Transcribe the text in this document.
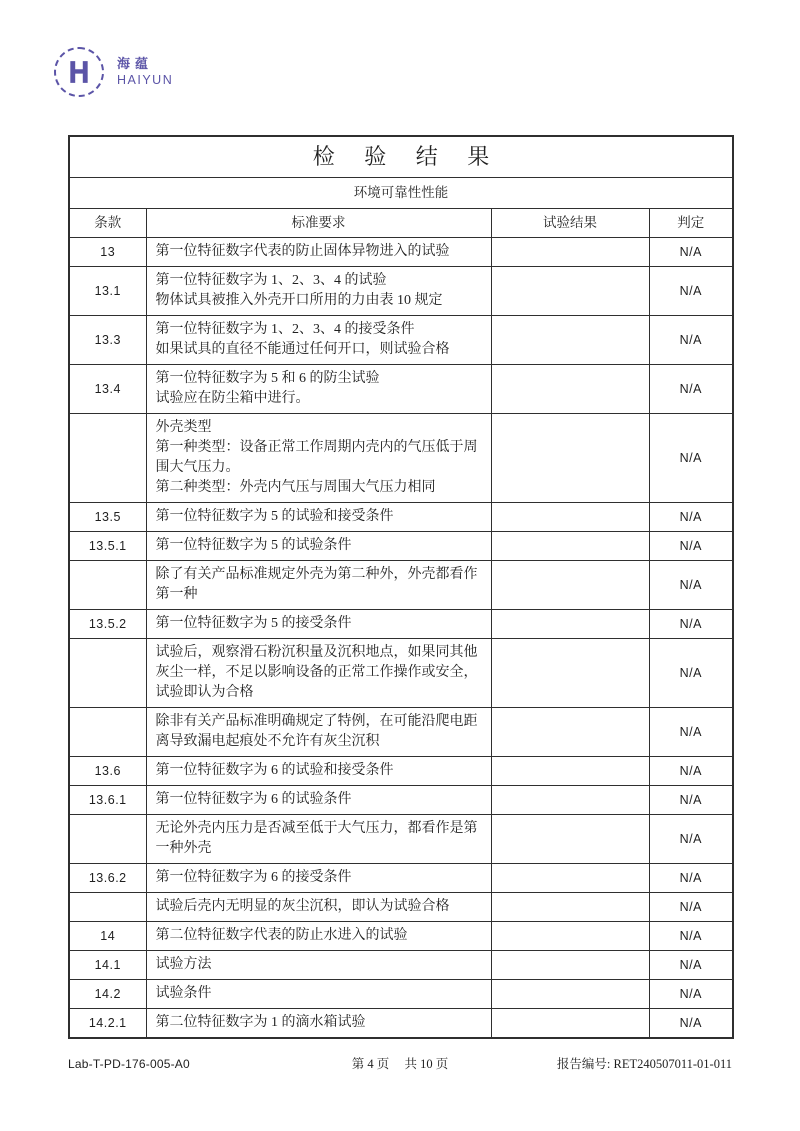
海蕴
HAIYUN
检 验 结 果			
环境可靠性性能			
条款	标准要求	试验结果	判定
13	第一位特征数字代表的防止固体异物进入的试验		N/A
13.1	第一位特征数字为 1、2、3、4 的试验
物体试具被推入外壳开口所用的力由表 10 规定		N/A
13.3	第一位特征数字为 1、2、3、4 的接受条件
如果试具的直径不能通过任何开口，则试验合格		N/A
13.4	第一位特征数字为 5 和 6 的防尘试验
试验应在防尘箱中进行。		N/A

	外壳类型
第一种类型：设备正常工作周期内壳内的气压低于周围大气压力。
第二种类型：外壳内气压与周围大气压力相同		N/A
13.5	第一位特征数字为 5 的试验和接受条件		N/A
13.5.1	第一位特征数字为 5 的试验条件		N/A

	除了有关产品标准规定外壳为第二种外，外壳都看作第一种		N/A
13.5.2	第一位特征数字为 5 的接受条件		N/A

	试验后，观察滑石粉沉积量及沉积地点，如果同其他灰尘一样，不足以影响设备的正常工作操作或安全，试验即认为合格		N/A

	除非有关产品标准明确规定了特例，在可能沿爬电距离导致漏电起痕处不允许有灰尘沉积		N/A
13.6	第一位特征数字为 6 的试验和接受条件		N/A
13.6.1	第一位特征数字为 6 的试验条件		N/A

	无论外壳内压力是否减至低于大气压力，都看作是第一种外壳		N/A
13.6.2	第一位特征数字为 6 的接受条件		N/A

	试验后壳内无明显的灰尘沉积，即认为试验合格		N/A
14	第二位特征数字代表的防止水进入的试验		N/A
14.1	试验方法		N/A
14.2	试验条件		N/A
14.2.1	第二位特征数字为 1 的滴水箱试验		N/A
Lab-T-PD-176-005-A0	第 4 页 共 10 页	报告编号: RET240507011-01-011
